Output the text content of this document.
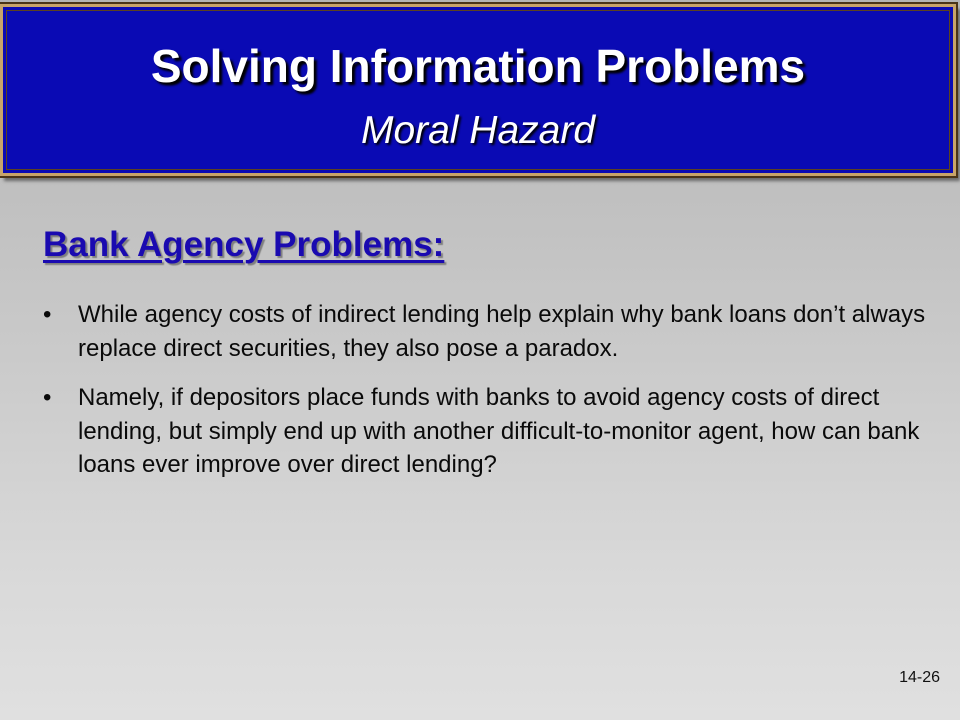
Solving Information Problems
Moral Hazard
Bank Agency Problems:
• While agency costs of indirect lending help explain why bank loans don’t always replace direct securities, they also pose a paradox.
• Namely, if depositors place funds with banks to avoid agency costs of direct lending, but simply end up with another difficult-to-monitor agent, how can bank loans ever improve over direct lending?
14-26
